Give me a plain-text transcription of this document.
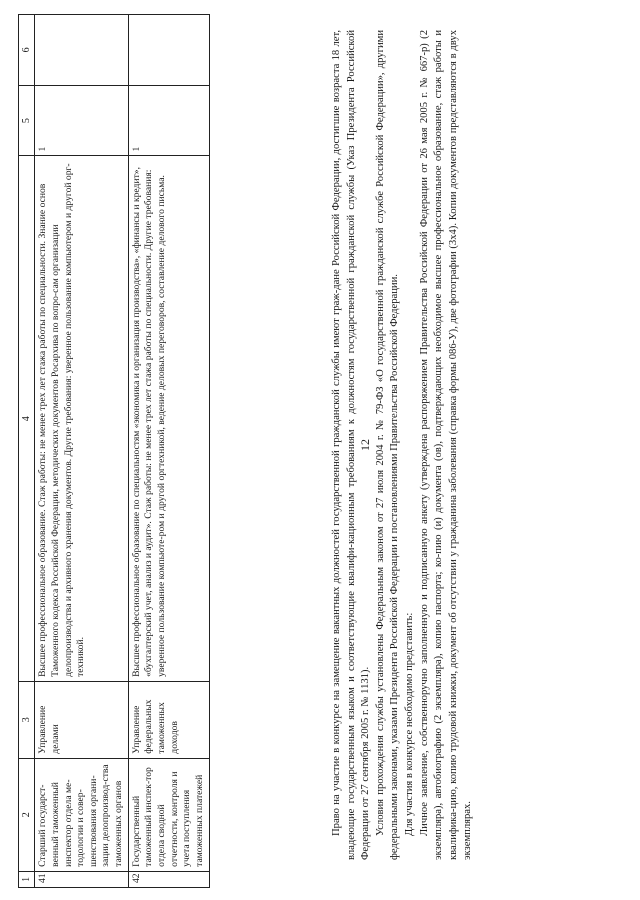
1	2	3	4	5	6
41	Старший государст-венный таможенный инспектор отдела ме-тодологии и совер-шенствования органи-зации делопроизвод-ства таможенных органов	Управление делами	Высшее профессиональное образование. Стаж работы: не менее трех лет стажа работы по специальности. Знание основ Таможенного кодекса Российской Федерации, методических документов Росархива по вопро-сам организации делопроизводства и архивного хранения документов. Другие требования: уверенное пользование компьютером и другой орг-техникой.	1	
42	Государственный таможенный инспек-тор отдела сводной отчетности, контроля и учета поступления таможенных платежей	Управление федеральных таможенных доходов	Высшее профессиональное образование по специальностям «экономика и организация производства», «финансы и кредит», «бухгалтерский учет, анализ и аудит». Стаж работы: не менее трех лет стажа работы по специальности. Другие требования: уверенное пользование компьюте-ром и другой оргтехникой, ведение деловых переговоров, составление делового письма.	1	
12

Право на участие в конкурсе на замещение вакантных должностей государственной гражданской службы имеют граж-дане Российской Федерации, достигшие возраста 18 лет, владеющие государственным языком и соответствующие квалифи-кационным требованиям к должностям государственной гражданской службы (Указ Президента Российской Федерации от 27 сентября 2005 г. № 1131). Условия прохождения службы установлены Федеральным законом от 27 июля 2004 г. № 79-ФЗ «О государственной гражданской службе Российской Федерации», другими федеральными законами, указами Президента Российской Федерации и постановлениями Правительства Российской Федерации. Для участия в конкурсе необходимо представить: Личное заявление, собственноручно заполненную и подписанную анкету (утверждена распоряжением Правительства Российской Федерации от 26 мая 2005 г. № 667-р) (2 экземпляра), автобиографию (2 экземпляра), копию паспорта; ко-пию (и) документа (ов), подтверждающих необходимое высшее профессиональное образование, стаж работы и квалифика-цию, копию трудовой книжки, документ об отсутствии у гражданина заболевания (справка формы 086-У), две фотографии (3х4). Копии документов представляются в двух экземплярах.
